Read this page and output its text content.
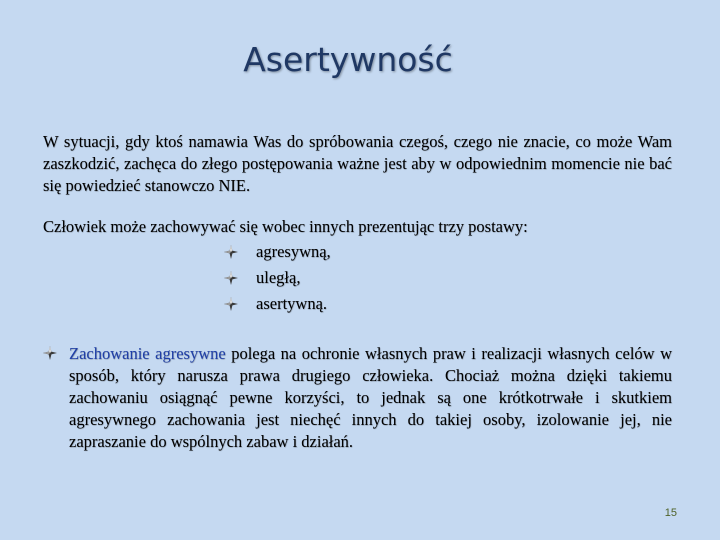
Asertywność

W sytuacji, gdy ktoś namawia Was do spróbowania czegoś, czego nie znacie, co może Wam zaszkodzić, zachęca do złego postępowania ważne jest aby w odpowiednim momencie nie bać się powiedzieć stanowczo NIE.

Człowiek może zachowywać się wobec innych prezentując trzy postawy:

agresywną,
uległą,
asertywną.

Zachowanie agresywne polega na ochronie własnych praw i realizacji własnych celów w sposób, który narusza prawa drugiego człowieka. Chociaż można dzięki takiemu zachowaniu osiągnąć pewne korzyści, to jednak są one krótkotrwałe i skutkiem agresywnego zachowania jest niechęć innych do takiej osoby, izolowanie jej, nie zapraszanie do wspólnych zabaw i działań.

15
